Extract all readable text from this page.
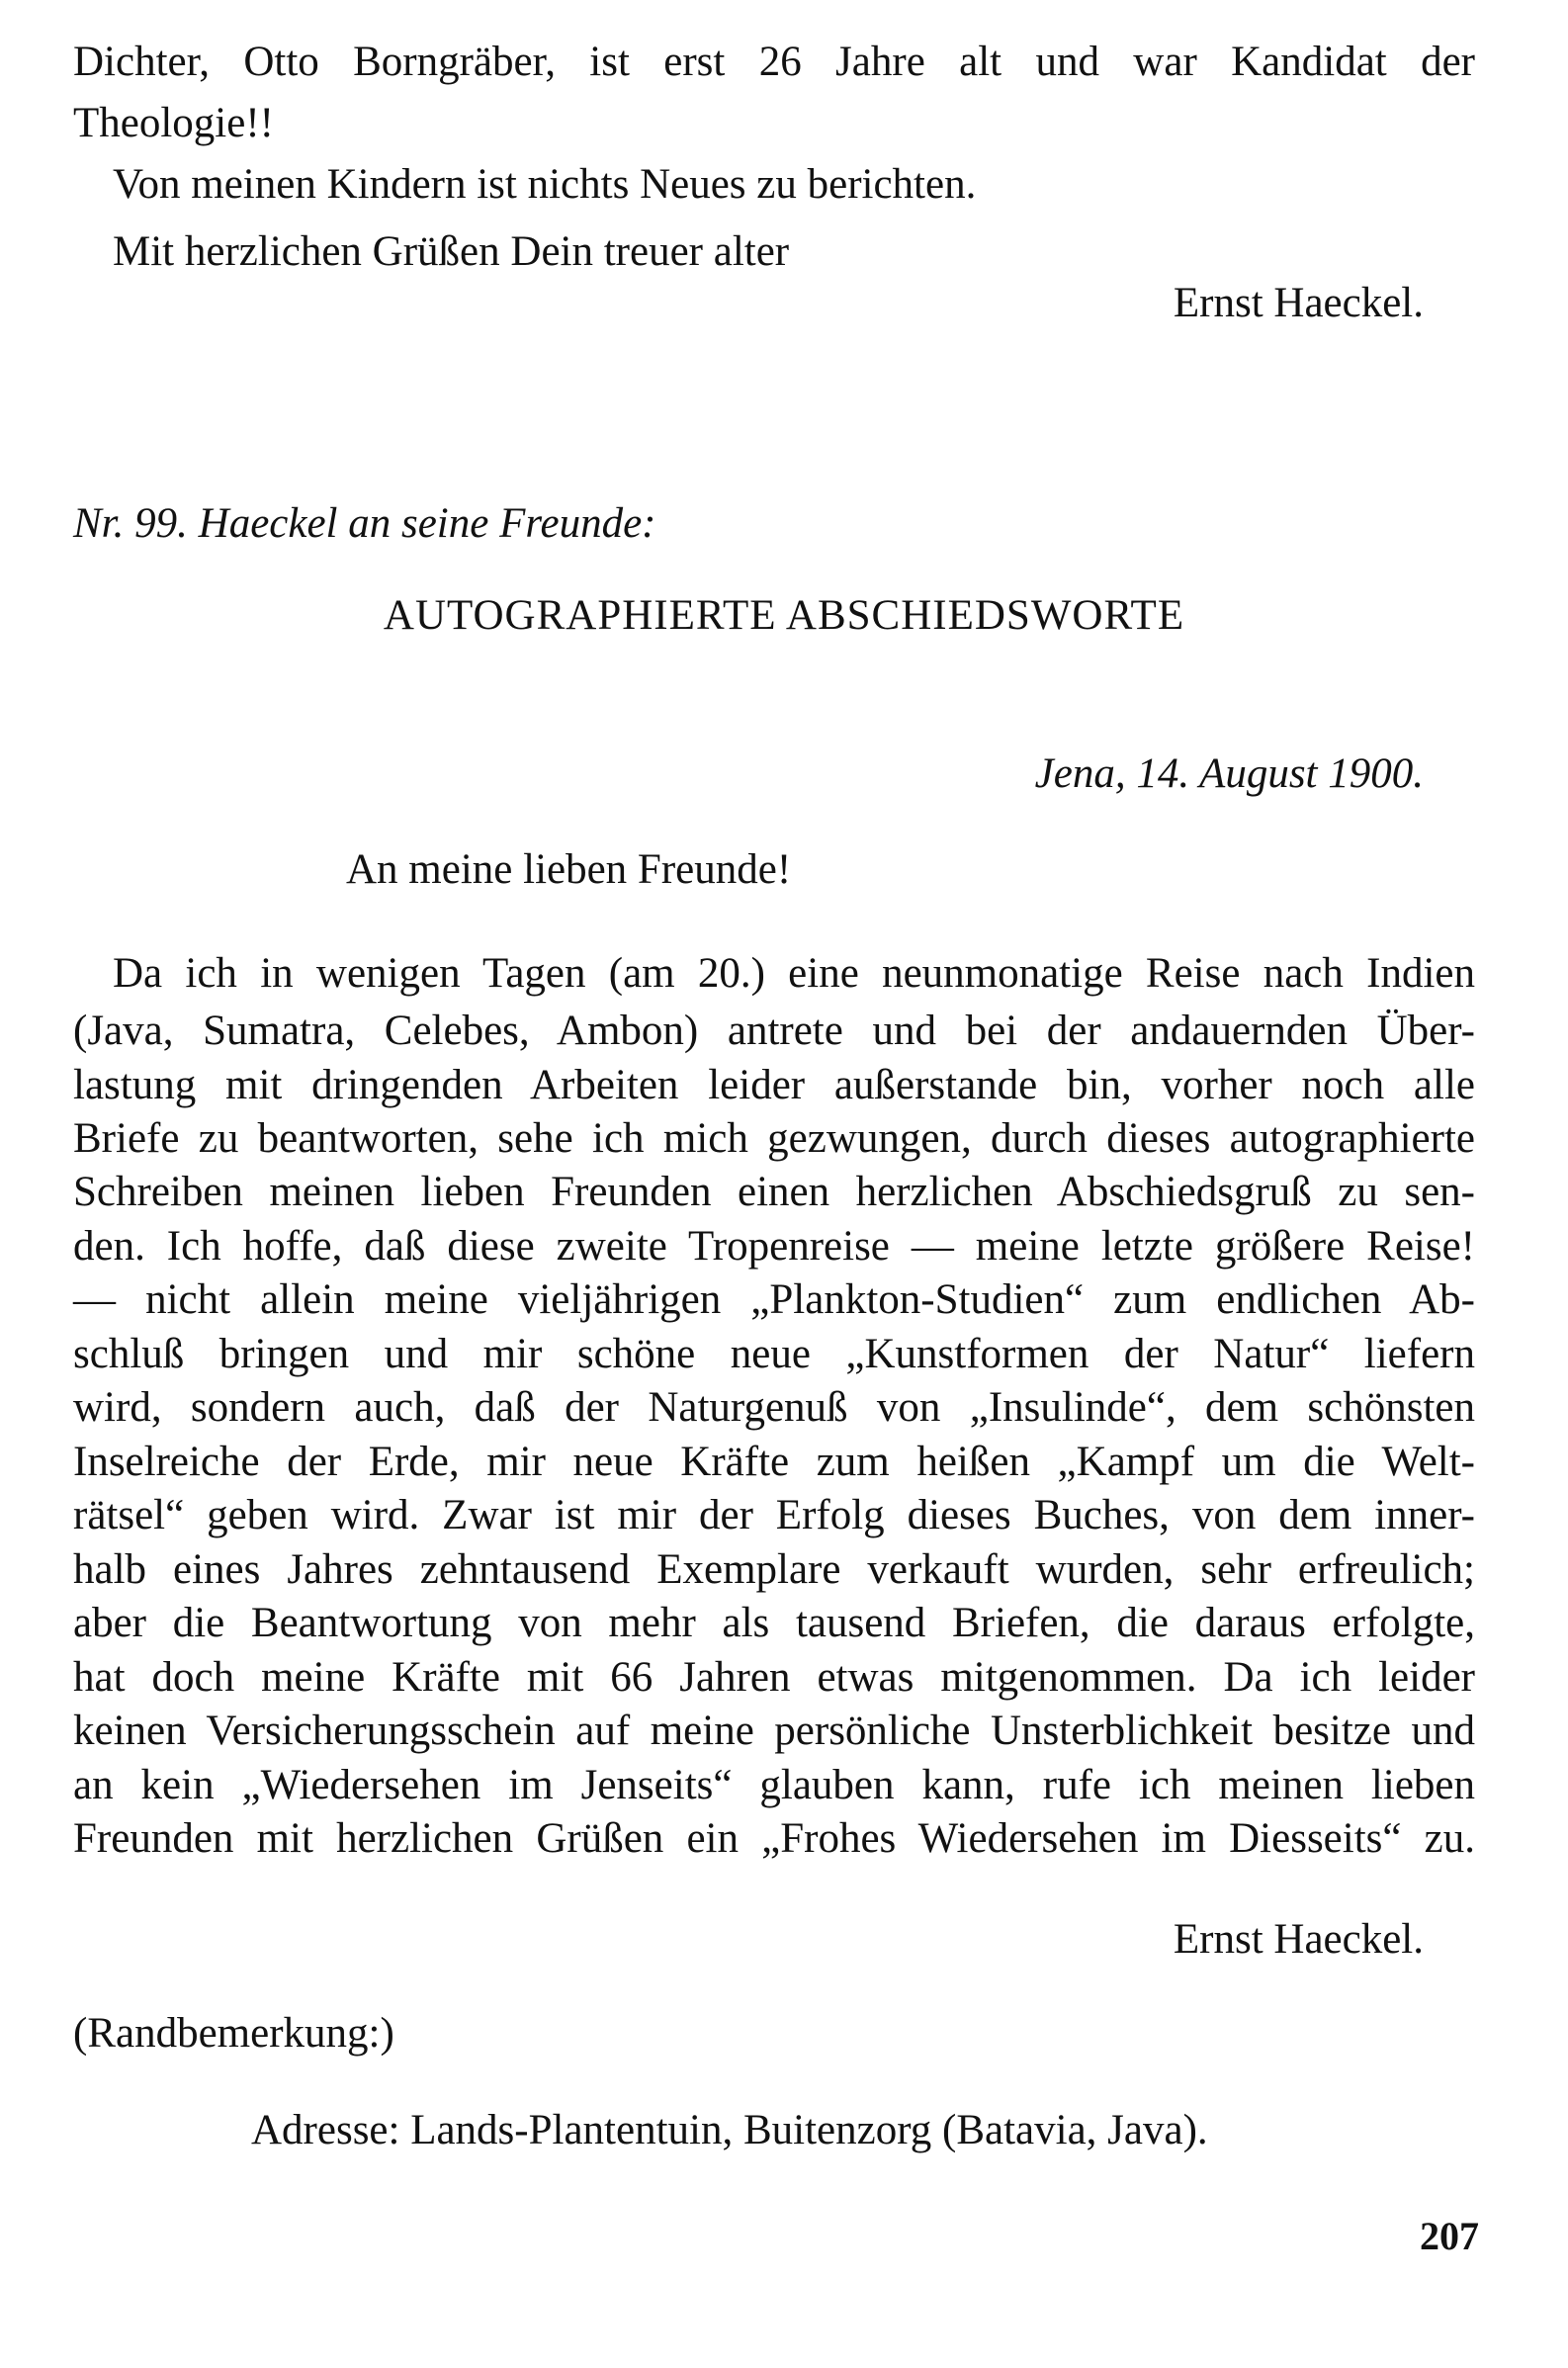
Dichter, Otto Borngräber, ist erst 26 Jahre alt und war Kandidat der
Theologie!!
Von meinen Kindern ist nichts Neues zu berichten.
Mit herzlichen Grüßen Dein treuer alter
Ernst Haeckel.
Nr. 99. Haeckel an seine Freunde:
AUTOGRAPHIERTE ABSCHIEDSWORTE
Jena, 14. August 1900.
An meine lieben Freunde!
Da ich in wenigen Tagen (am 20.) eine neunmonatige Reise nach Indien
(Java, Sumatra, Celebes, Ambon) antrete und bei der andauernden Über-
lastung mit dringenden Arbeiten leider außerstande bin, vorher noch alle
Briefe zu beantworten, sehe ich mich gezwungen, durch dieses autographierte
Schreiben meinen lieben Freunden einen herzlichen Abschiedsgruß zu sen-
den. Ich hoffe, daß diese zweite Tropenreise — meine letzte größere Reise!
— nicht allein meine vieljährigen „Plankton-Studien“ zum endlichen Ab-
schluß bringen und mir schöne neue „Kunstformen der Natur“ liefern
wird, sondern auch, daß der Naturgenuß von „Insulinde“, dem schönsten
Inselreiche der Erde, mir neue Kräfte zum heißen „Kampf um die Welt-
rätsel“ geben wird. Zwar ist mir der Erfolg dieses Buches, von dem inner-
halb eines Jahres zehntausend Exemplare verkauft wurden, sehr erfreulich;
aber die Beantwortung von mehr als tausend Briefen, die daraus erfolgte,
hat doch meine Kräfte mit 66 Jahren etwas mitgenommen. Da ich leider
keinen Versicherungsschein auf meine persönliche Unsterblichkeit besitze und
an kein „Wiedersehen im Jenseits“ glauben kann, rufe ich meinen lieben
Freunden mit herzlichen Grüßen ein „Frohes Wiedersehen im Diesseits“ zu.
Ernst Haeckel.
(Randbemerkung:)
Adresse: Lands-Plantentuin, Buitenzorg (Batavia, Java).
207
